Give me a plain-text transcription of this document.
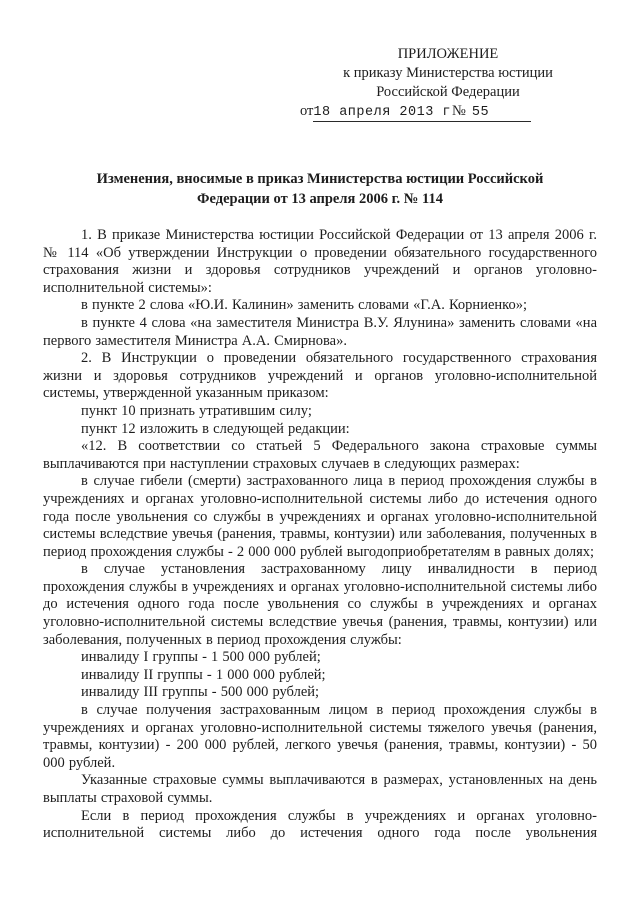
ПРИЛОЖЕНИЕ
к приказу Министерства юстиции
Российской Федерации
от18 апреля 2013 г№ 55
Изменения, вносимые в приказ Министерства юстиции Российской Федерации от 13 апреля 2006 г. № 114

1. В приказе Министерства юстиции Российской Федерации от 13 апреля 2006 г. № 114 «Об утверждении Инструкции о проведении обязательного государственного страхования жизни и здоровья сотрудников учреждений и органов уголовно-исполнительной системы»:

в пункте 2 слова «Ю.И. Калинин» заменить словами «Г.А. Корниенко»;

в пункте 4 слова «на заместителя Министра В.У. Ялунина» заменить словами «на первого заместителя Министра А.А. Смирнова».

2. В Инструкции о проведении обязательного государственного страхования жизни и здоровья сотрудников учреждений и органов уголовно-исполнительной системы, утвержденной указанным приказом:

пункт 10 признать утратившим силу;

пункт 12 изложить в следующей редакции:

«12. В соответствии со статьей 5 Федерального закона страховые суммы выплачиваются при наступлении страховых случаев в следующих размерах:

в случае гибели (смерти) застрахованного лица в период прохождения службы в учреждениях и органах уголовно-исполнительной системы либо до истечения одного года после увольнения со службы в учреждениях и органах уголовно-исполнительной системы вследствие увечья (ранения, травмы, контузии) или заболевания, полученных в период прохождения службы - 2 000 000 рублей выгодоприобретателям в равных долях;

в случае установления застрахованному лицу инвалидности в период прохождения службы в учреждениях и органах уголовно-исполнительной системы либо до истечения одного года после увольнения со службы в учреждениях и органах уголовно-исполнительной системы вследствие увечья (ранения, травмы, контузии) или заболевания, полученных в период прохождения службы:

инвалиду I группы - 1 500 000 рублей;

инвалиду II группы - 1 000 000 рублей;

инвалиду III группы - 500 000 рублей;

в случае получения застрахованным лицом в период прохождения службы в учреждениях и органах уголовно-исполнительной системы тяжелого увечья (ранения, травмы, контузии) - 200 000 рублей, легкого увечья (ранения, травмы, контузии) - 50 000 рублей.

Указанные страховые суммы выплачиваются в размерах, установленных на день выплаты страховой суммы.

Если в период прохождения службы в учреждениях и органах уголовно-исполнительной системы либо до истечения одного года после увольнения
